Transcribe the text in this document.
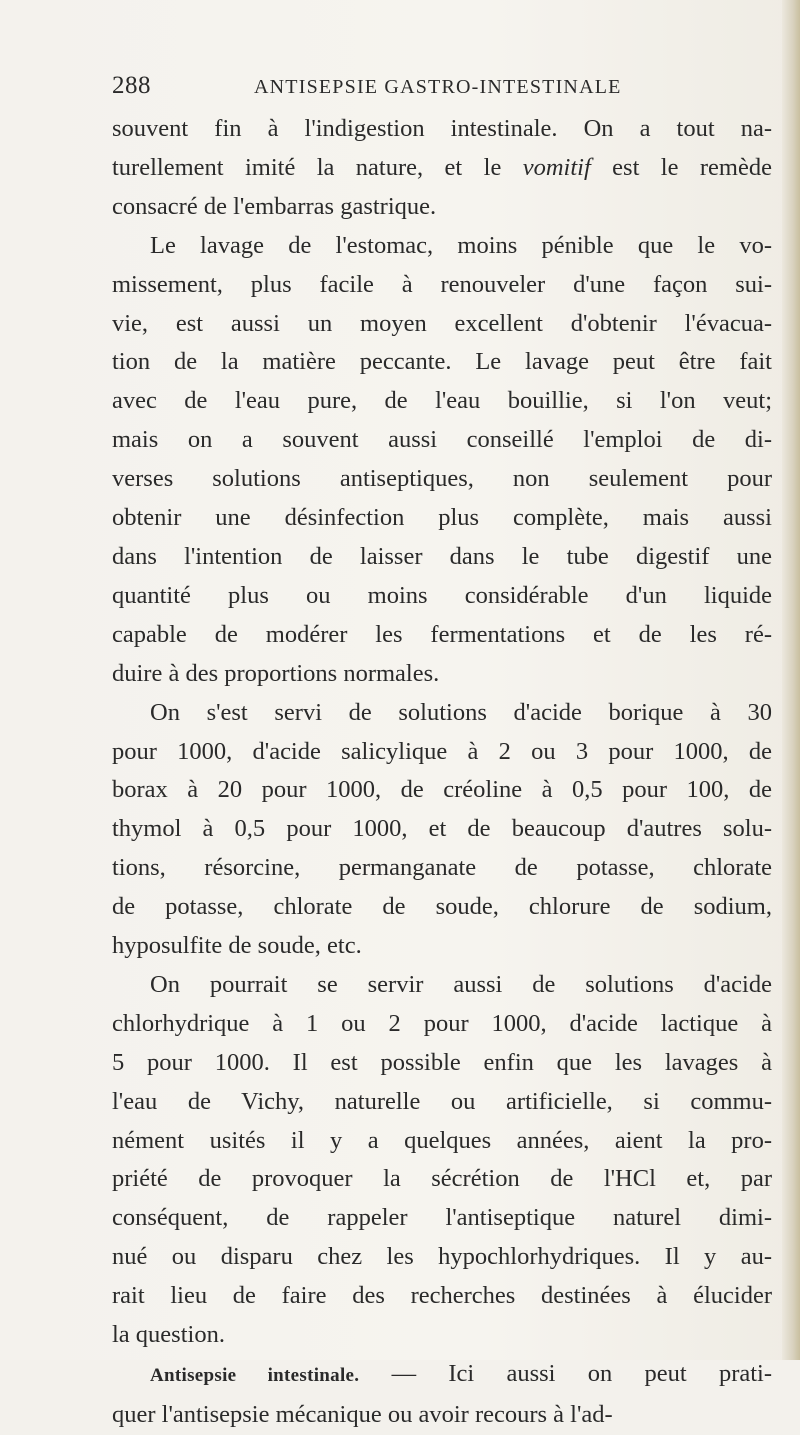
288	ANTISEPSIE GASTRO-INTESTINALE
souvent fin à l'indigestion intestinale. On a tout na-
turellement imité la nature, et le vomitif est le remède
consacré de l'embarras gastrique.
Le lavage de l'estomac, moins pénible que le vo-
missement, plus facile à renouveler d'une façon sui-
vie, est aussi un moyen excellent d'obtenir l'évacua-
tion de la matière peccante. Le lavage peut être fait
avec de l'eau pure, de l'eau bouillie, si l'on veut;
mais on a souvent aussi conseillé l'emploi de di-
verses solutions antiseptiques, non seulement pour
obtenir une désinfection plus complète, mais aussi
dans l'intention de laisser dans le tube digestif une
quantité plus ou moins considérable d'un liquide
capable de modérer les fermentations et de les ré-
duire à des proportions normales.
On s'est servi de solutions d'acide borique à 30
pour 1000, d'acide salicylique à 2 ou 3 pour 1000, de
borax à 20 pour 1000, de créoline à 0,5 pour 100, de
thymol à 0,5 pour 1000, et de beaucoup d'autres solu-
tions, résorcine, permanganate de potasse, chlorate
de potasse, chlorate de soude, chlorure de sodium,
hyposulfite de soude, etc.
On pourrait se servir aussi de solutions d'acide
chlorhydrique à 1 ou 2 pour 1000, d'acide lactique à
5 pour 1000. Il est possible enfin que les lavages à
l'eau de Vichy, naturelle ou artificielle, si commu-
nément usités il y a quelques années, aient la pro-
priété de provoquer la sécrétion de l'HCl et, par
conséquent, de rappeler l'antiseptique naturel dimi-
nué ou disparu chez les hypochlorhydriques. Il y au-
rait lieu de faire des recherches destinées à élucider
la question.
Antisepsie intestinale. — Ici aussi on peut prati-
quer l'antisepsie mécanique ou avoir recours à l'ad-
